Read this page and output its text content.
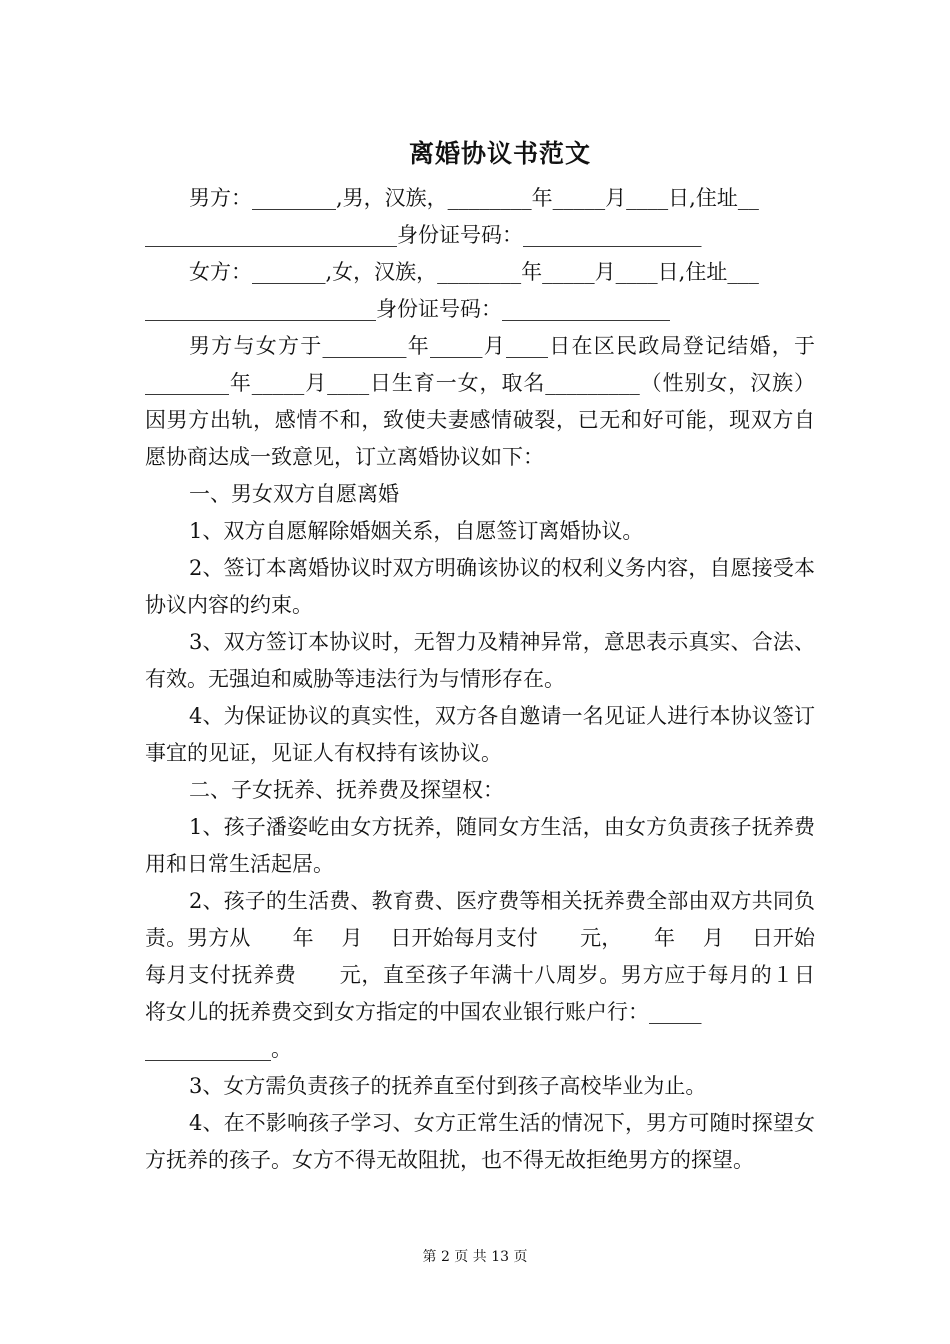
离婚协议书范文

男方：________,男，汉族，________年_____月____日,住址__

________________________身份证号码：_________________

女方：_______,女，汉族，________年_____月____日,住址___

______________________身份证号码：________________

男方与女方于________年_____月____日在区民政局登记结婚，于________年_____月____日生育一女，取名_________（性别女，汉族）因男方出轨，感情不和，致使夫妻感情破裂，已无和好可能，现双方自愿协商达成一致意见，订立离婚协议如下：

一、男女双方自愿离婚

1、双方自愿解除婚姻关系，自愿签订离婚协议。

2、签订本离婚协议时双方明确该协议的权利义务内容，自愿接受本协议内容的约束。

3、双方签订本协议时，无智力及精神异常，意思表示真实、合法、有效。无强迫和威胁等违法行为与情形存在。

4、为保证协议的真实性，双方各自邀请一名见证人进行本协议签订事宜的见证，见证人有权持有该协议。

二、子女抚养、抚养费及探望权：

1、孩子潘姿屹由女方抚养，随同女方生活，由女方负责孩子抚养费用和日常生活起居。

2、孩子的生活费、教育费、医疗费等相关抚养费全部由双方共同负责。男方从　　年　 月　 日开始每月支付　　元，　　年　 月　 日开始每月支付抚养费　　元，直至孩子年满十八周岁。男方应于每月的１日将女儿的抚养费交到女方指定的中国农业银行账户行：_____

____________。

3、女方需负责孩子的抚养直至付到孩子高校毕业为止。

4、在不影响孩子学习、女方正常生活的情况下，男方可随时探望女方抚养的孩子。女方不得无故阻扰，也不得无故拒绝男方的探望。

第 2 页 共 13 页
